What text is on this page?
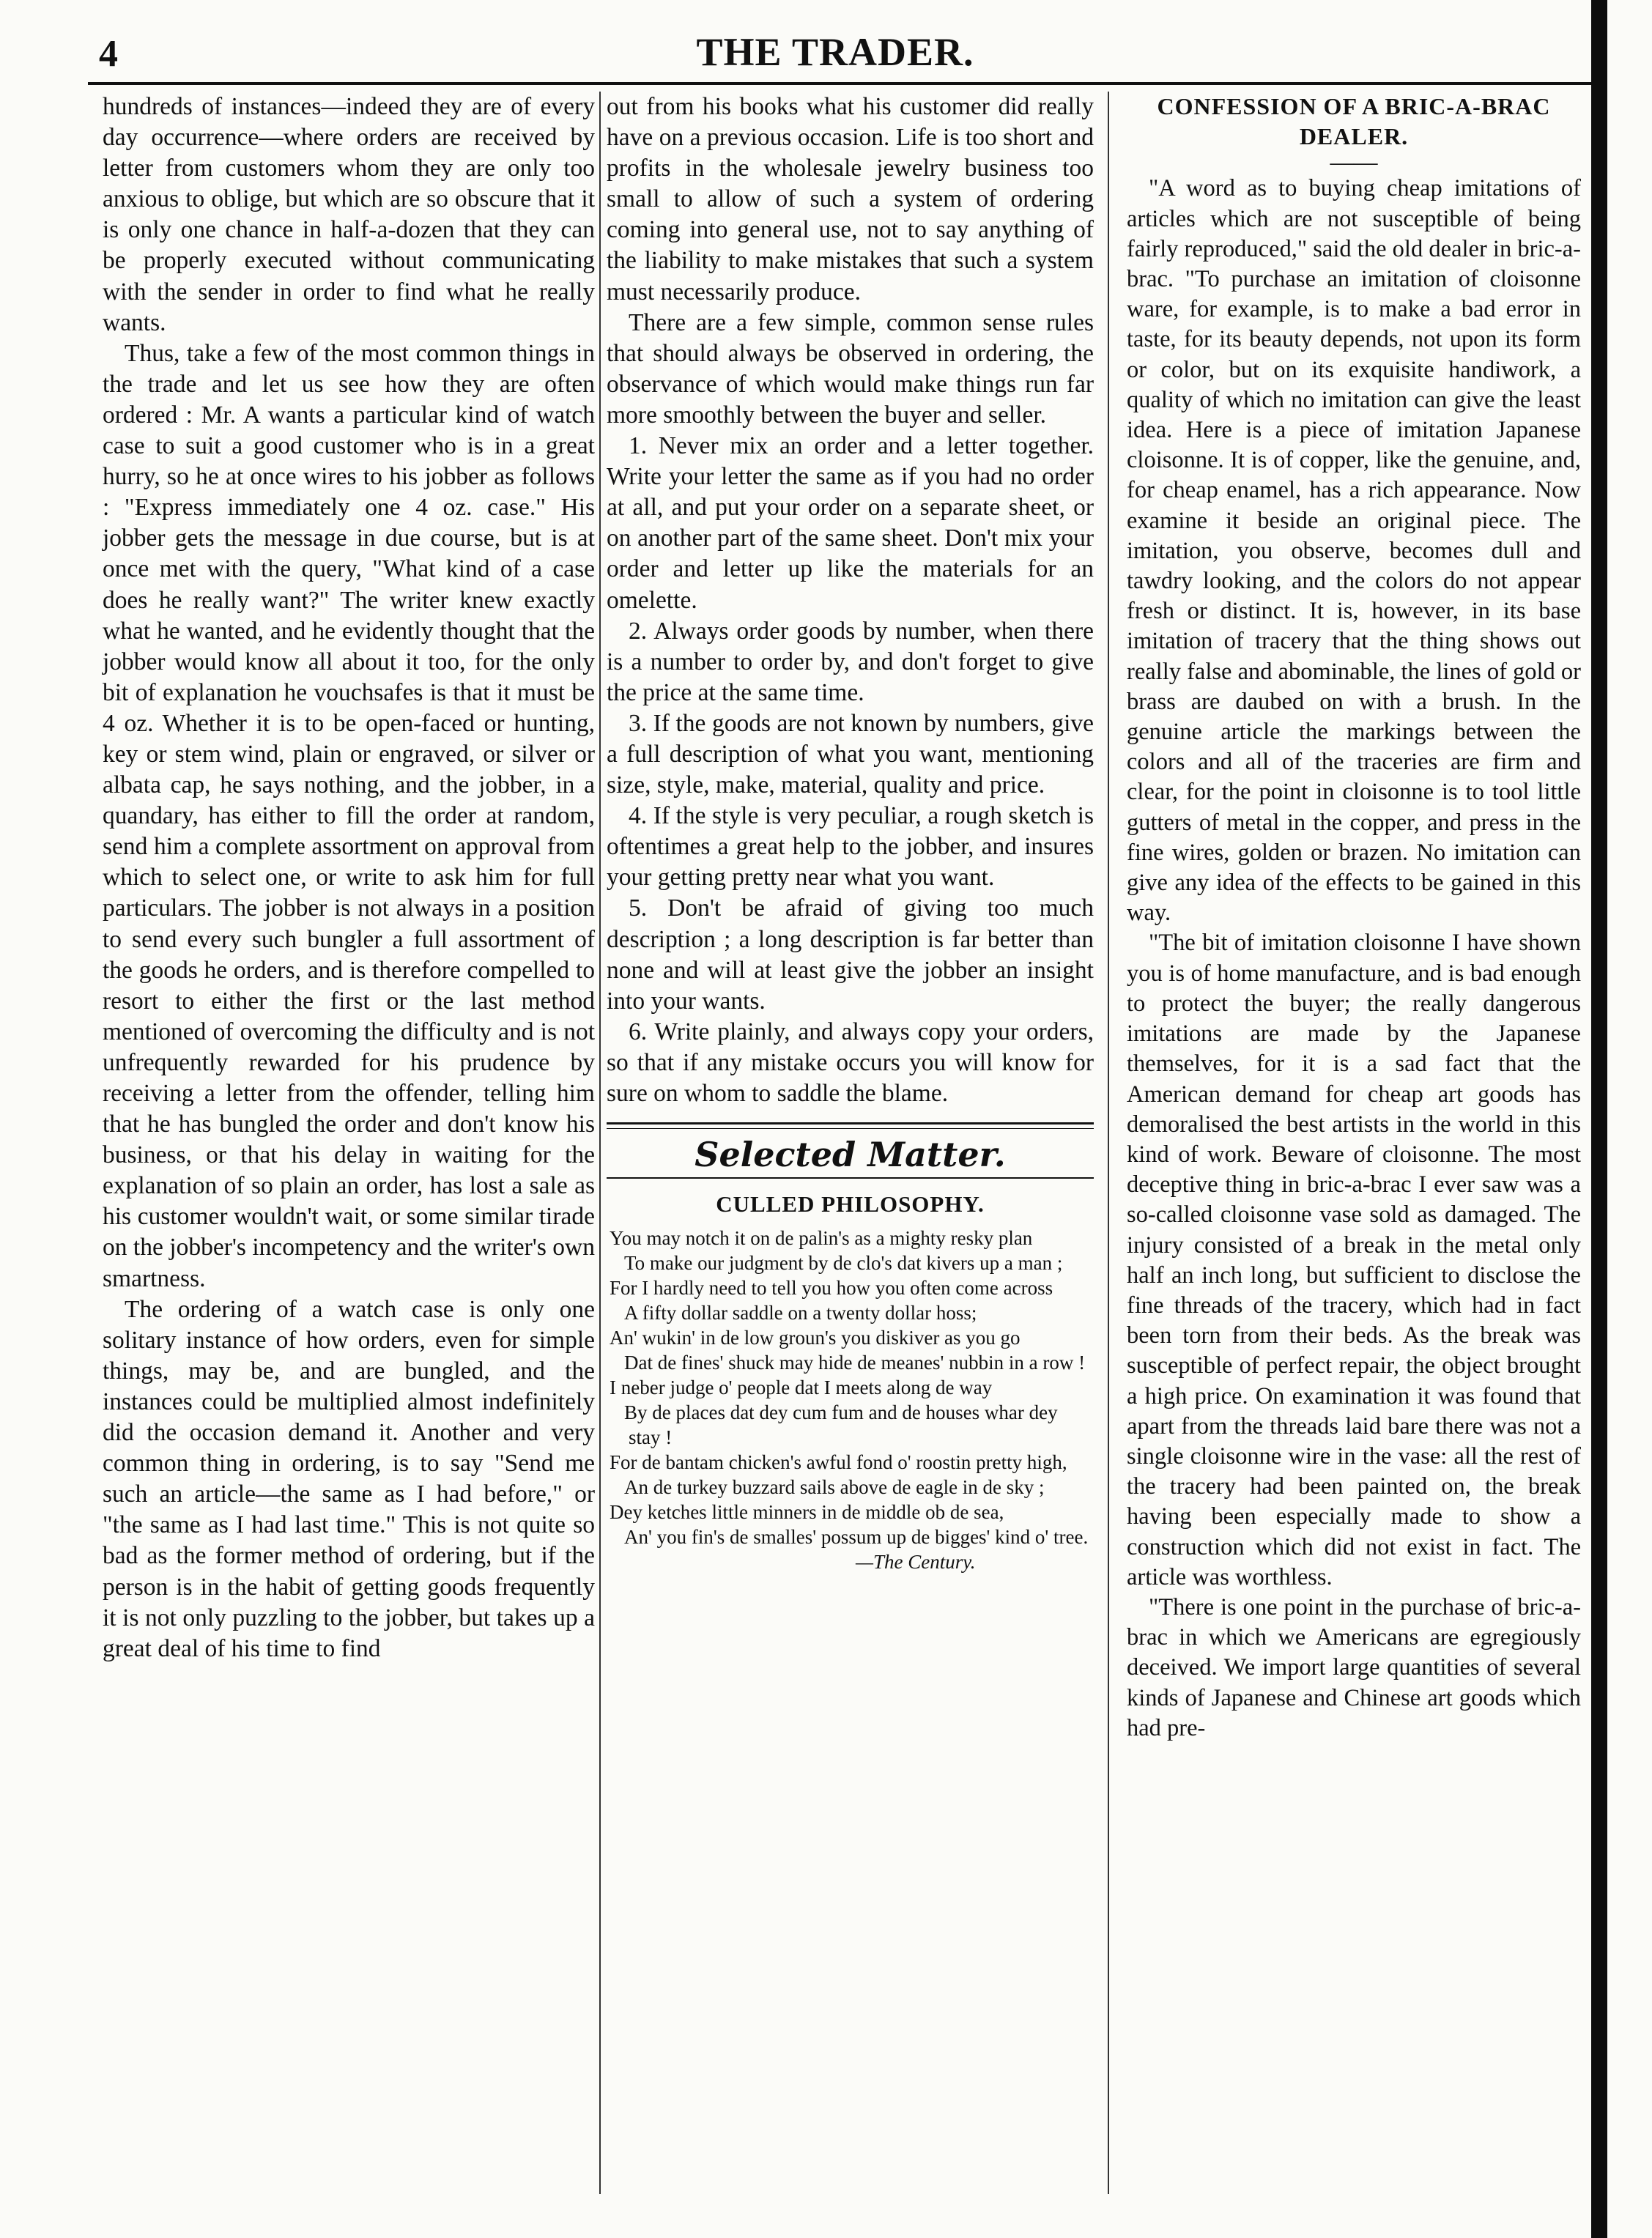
4	THE TRADER.

hundreds of instances—indeed they are of every day occurrence—where orders are received by letter from customers whom they are only too anxious to oblige, but which are so obscure that it is only one chance in half-a-dozen that they can be properly executed without communicating with the sender in order to find what he really wants.

Thus, take a few of the most common things in the trade and let us see how they are often ordered : Mr. A wants a particular kind of watch case to suit a good customer who is in a great hurry, so he at once wires to his jobber as follows : "Express immediately one 4 oz. case." His jobber gets the message in due course, but is at once met with the query, "What kind of a case does he really want?" The writer knew exactly what he wanted, and he evidently thought that the jobber would know all about it too, for the only bit of explanation he vouchsafes is that it must be 4 oz. Whether it is to be open-faced or hunting, key or stem wind, plain or engraved, or silver or albata cap, he says nothing, and the jobber, in a quandary, has either to fill the order at random, send him a complete assortment on approval from which to select one, or write to ask him for full particulars. The jobber is not always in a position to send every such bungler a full assortment of the goods he orders, and is therefore compelled to resort to either the first or the last method mentioned of overcoming the difficulty and is not unfrequently rewarded for his prudence by receiving a letter from the offender, telling him that he has bungled the order and don't know his business, or that his delay in waiting for the explanation of so plain an order, has lost a sale as his customer wouldn't wait, or some similar tirade on the jobber's incompetency and the writer's own smartness.

The ordering of a watch case is only one solitary instance of how orders, even for simple things, may be, and are bungled, and the instances could be multiplied almost indefinitely did the occasion demand it. Another and very common thing in ordering, is to say "Send me such an article—the same as I had before," or "the same as I had last time." This is not quite so bad as the former method of ordering, but if the person is in the habit of getting goods frequently it is not only puzzling to the jobber, but takes up a great deal of his time to find

out from his books what his customer did really have on a previous occasion. Life is too short and profits in the wholesale jewelry business too small to allow of such a system of ordering coming into general use, not to say anything of the liability to make mistakes that such a system must necessarily produce.

There are a few simple, common sense rules that should always be observed in ordering, the observance of which would make things run far more smoothly between the buyer and seller.

1. Never mix an order and a letter together. Write your letter the same as if you had no order at all, and put your order on a separate sheet, or on another part of the same sheet. Don't mix your order and letter up like the materials for an omelette.

2. Always order goods by number, when there is a number to order by, and don't forget to give the price at the same time.

3. If the goods are not known by numbers, give a full description of what you want, mentioning size, style, make, material, quality and price.

4. If the style is very peculiar, a rough sketch is oftentimes a great help to the jobber, and insures your getting pretty near what you want.

5. Don't be afraid of giving too much description ; a long description is far better than none and will at least give the jobber an insight into your wants.

6. Write plainly, and always copy your orders, so that if any mistake occurs you will know for sure on whom to saddle the blame.

Selected Matter.
CULLED PHILOSOPHY.
You may notch it on de palin's as a mighty resky plan
To make our judgment by de clo's dat kivers up a man ;
For I hardly need to tell you how you often come across
A fifty dollar saddle on a twenty dollar hoss;
An' wukin' in de low groun's you diskiver as you go
Dat de fines' shuck may hide de meanes' nubbin in a row !
I neber judge o' people dat I meets along de way
By de places dat dey cum fum and de houses whar dey stay !
For de bantam chicken's awful fond o' roostin pretty high,
An de turkey buzzard sails above de eagle in de sky ;
Dey ketches little minners in de middle ob de sea,
An' you fin's de smalles' possum up de bigges' kind o' tree.
—The Century.
CONFESSION OF A BRIC-A-BRAC DEALER.
——

"A word as to buying cheap imitations of articles which are not susceptible of being fairly reproduced," said the old dealer in bric-a-brac. "To purchase an imitation of cloisonne ware, for example, is to make a bad error in taste, for its beauty depends, not upon its form or color, but on its exquisite handiwork, a quality of which no imitation can give the least idea. Here is a piece of imitation Japanese cloisonne. It is of copper, like the genuine, and, for cheap enamel, has a rich appearance. Now examine it beside an original piece. The imitation, you observe, becomes dull and tawdry looking, and the colors do not appear fresh or distinct. It is, however, in its base imitation of tracery that the thing shows out really false and abominable, the lines of gold or brass are daubed on with a brush. In the genuine article the markings between the colors and all of the traceries are firm and clear, for the point in cloisonne is to tool little gutters of metal in the copper, and press in the fine wires, golden or brazen. No imitation can give any idea of the effects to be gained in this way.

"The bit of imitation cloisonne I have shown you is of home manufacture, and is bad enough to protect the buyer; the really dangerous imitations are made by the Japanese themselves, for it is a sad fact that the American demand for cheap art goods has demoralised the best artists in the world in this kind of work. Beware of cloisonne. The most deceptive thing in bric-a-brac I ever saw was a so-called cloisonne vase sold as damaged. The injury consisted of a break in the metal only half an inch long, but sufficient to disclose the fine threads of the tracery, which had in fact been torn from their beds. As the break was susceptible of perfect repair, the object brought a high price. On examination it was found that apart from the threads laid bare there was not a single cloisonne wire in the vase: all the rest of the tracery had been painted on, the break having been especially made to show a construction which did not exist in fact. The article was worthless.

"There is one point in the purchase of bric-a-brac in which we Americans are egregiously deceived. We import large quantities of several kinds of Japanese and Chinese art goods which had pre-
